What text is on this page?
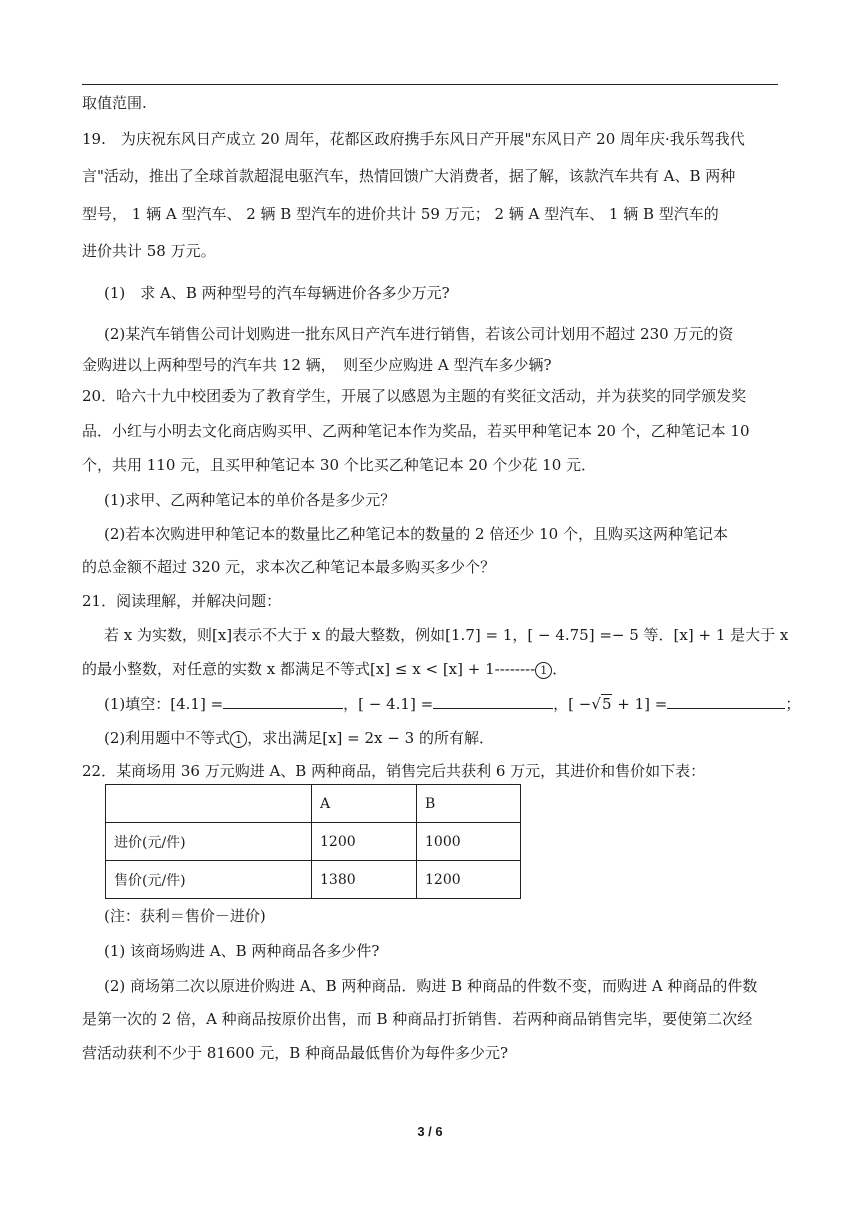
取值范围.
19.　为庆祝东风日产成立 20 周年，花都区政府携手东风日产开展"东风日产 20 周年庆·我乐驾我代
言"活动，推出了全球首款超混电驱汽车，热情回馈广大消费者，据了解，该款汽车共有 A、B 两种
型号， 1 辆 A 型汽车、 2 辆 B 型汽车的进价共计 59 万元； 2 辆 A 型汽车、 1 辆 B 型汽车的
进价共计 58 万元。
(1)　求 A、B 两种型号的汽车每辆进价各多少万元?
(2)某汽车销售公司计划购进一批东风日产汽车进行销售，若该公司计划用不超过 230 万元的资
金购进以上两种型号的汽车共 12 辆，　则至少应购进 A 型汽车多少辆?
20．哈六十九中校团委为了教育学生，开展了以感恩为主题的有奖征文活动，并为获奖的同学颁发奖
品．小红与小明去文化商店购买甲、乙两种笔记本作为奖品，若买甲种笔记本 20 个，乙种笔记本 10
个，共用 110 元，且买甲种笔记本 30 个比买乙种笔记本 20 个少花 10 元．
(1)求甲、乙两种笔记本的单价各是多少元？
(2)若本次购进甲种笔记本的数量比乙种笔记本的数量的 2 倍还少 10 个，且购买这两种笔记本
的总金额不超过 320 元，求本次乙种笔记本最多购买多少个？
21．阅读理解，并解决问题：
若 x 为实数，则[x]表示不大于 x 的最大整数，例如[1.7] = 1，[ − 4.75] =− 5 等．[x] + 1 是大于 x
的最小整数，对任意的实数 x 都满足不等式[x] ≤ x < [x] + 1-------- 1 ．
(1)填空：[4.1] =	，[ − 4.1] =	，[ −√5 + 1] =	；
(2)利用题中不等式 1 ，求出满足[x] = 2x − 3 的所有解．
22．某商场用 36 万元购进 A、B 两种商品，销售完后共获利 6 万元，其进价和售价如下表：
	A	B
进价(元/件)	1200	1000
售价(元/件)	1380	1200
(注：获利＝售价－进价)
(1) 该商场购进 A、B 两种商品各多少件?
(2) 商场第二次以原进价购进 A、B 两种商品．购进 B 种商品的件数不变，而购进 A 种商品的件数
是第一次的 2 倍，A 种商品按原价出售，而 B 种商品打折销售．若两种商品销售完毕，要使第二次经
营活动获利不少于 81600 元，B 种商品最低售价为每件多少元?
3 / 6
